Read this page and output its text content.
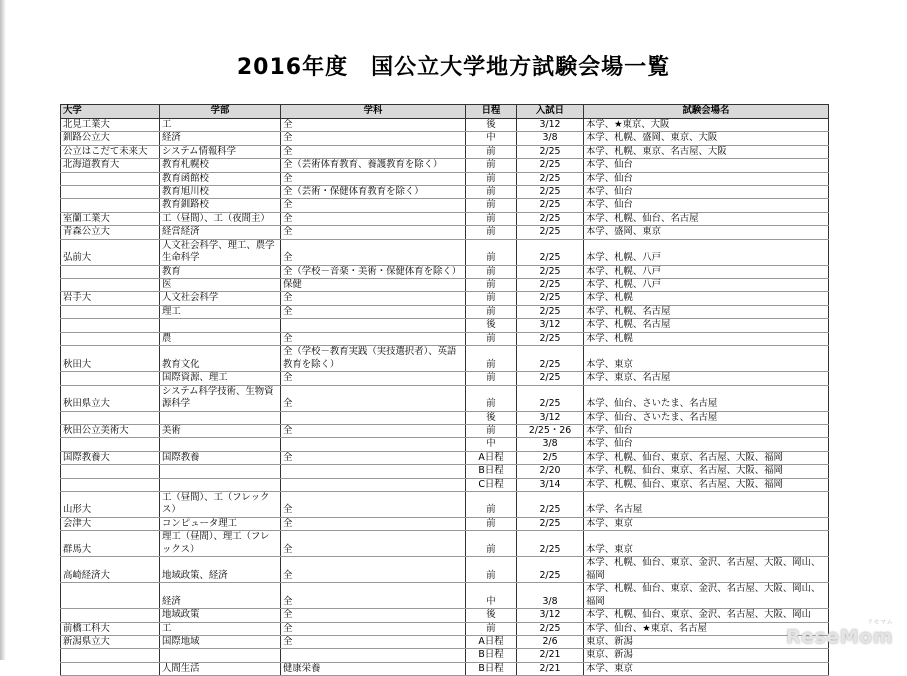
2016年度　国公立大学地方試験会場一覧
大学	学部	学科	日程	入試日	試験会場名
北見工業大	工	全	後	3/12	本学、★東京、大阪
釧路公立大	経済	全	中	3/8	本学、札幌、盛岡、東京、大阪
公立はこだて未来大	システム情報科学	全	前	2/25	本学、札幌、東京、名古屋、大阪
北海道教育大	教育札幌校	全（芸術体育教育、養護教育を除く）	前	2/25	本学、仙台
	教育函館校	全	前	2/25	本学、仙台
	教育旭川校	全（芸術・保健体育教育を除く）	前	2/25	本学、仙台
	教育釧路校	全	前	2/25	本学、仙台
室蘭工業大	工（昼間）、工（夜間主）	全	前	2/25	本学、札幌、仙台、名古屋
青森公立大	経営経済	全	前	2/25	本学、盛岡、東京
弘前大	人文社会科学、理工、農学生命科学	全	前	2/25	本学、札幌、八戸
	教育	全（学校－音楽・美術・保健体育を除く）	前	2/25	本学、札幌、八戸
	医	保健	前	2/25	本学、札幌、八戸
岩手大	人文社会科学	全	前	2/25	本学、札幌
	理工	全	前	2/25	本学、札幌、名古屋
			後	3/12	本学、札幌、名古屋
	農	全	前	2/25	本学、札幌
秋田大	教育文化	全（学校－教育実践（実技選択者）、英語教育を除く）	前	2/25	本学、東京
	国際資源、理工	全	前	2/25	本学、東京、名古屋
秋田県立大	システム科学技術、生物資源科学	全	前	2/25	本学、仙台、さいたま、名古屋
			後	3/12	本学、仙台、さいたま、名古屋
秋田公立美術大	美術	全	前	2/25・26	本学、仙台
			中	3/8	本学、仙台
国際教養大	国際教養	全	A日程	2/5	本学、札幌、仙台、東京、名古屋、大阪、福岡
			B日程	2/20	本学、札幌、仙台、東京、名古屋、大阪、福岡
			C日程	3/14	本学、札幌、仙台、東京、名古屋、大阪、福岡
山形大	工（昼間）、工（フレックス）	全	前	2/25	本学、名古屋
会津大	コンピュータ理工	全	前	2/25	本学、東京
群馬大	理工（昼間）、理工（フレックス）	全	前	2/25	本学、東京
高崎経済大	地域政策、経済	全	前	2/25	本学、札幌、仙台、東京、金沢、名古屋、大阪、岡山、福岡
	経済	全	中	3/8	本学、札幌、仙台、東京、金沢、名古屋、大阪、岡山、福岡
	地域政策	全	後	3/12	本学、札幌、仙台、東京、金沢、名古屋、大阪、岡山
前橋工科大	工	全	前	2/25	本学、仙台、★東京、名古屋
新潟県立大	国際地域	全	A日程	2/6	東京、新潟
			B日程	2/21	東京、新潟
	人間生活	健康栄養	B日程	2/21	本学、東京
ReseMom
リセマム
